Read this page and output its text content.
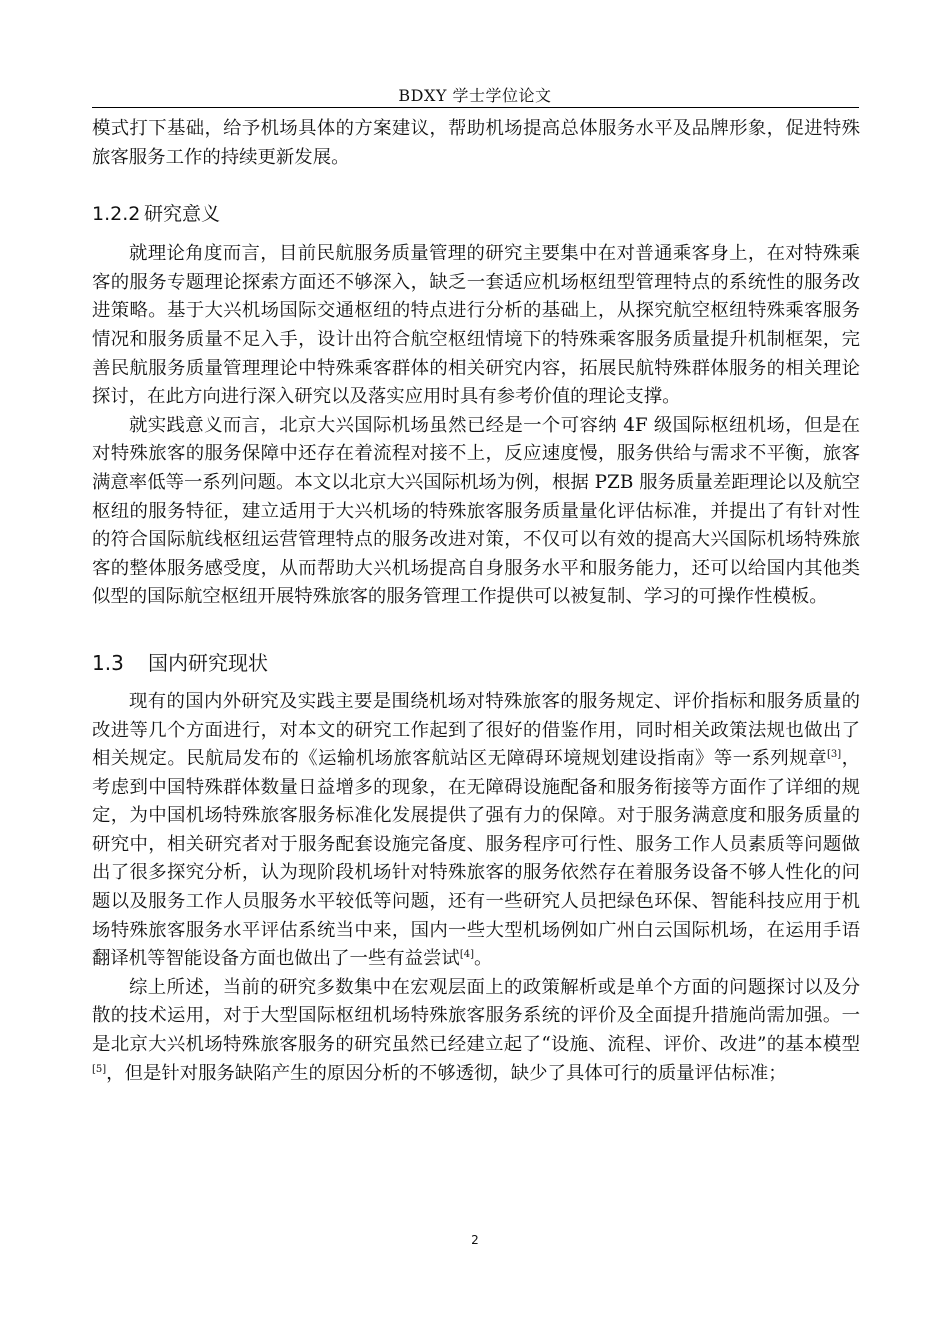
BDXY 学士学位论文

模式打下基础，给予机场具体的方案建议，帮助机场提高总体服务水平及品牌形象，促进特殊旅客服务工作的持续更新发展。

1.2.2 研究意义

就理论角度而言，目前民航服务质量管理的研究主要集中在对普通乘客身上，在对特殊乘客的服务专题理论探索方面还不够深入，缺乏一套适应机场枢纽型管理特点的系统性的服务改进策略。基于大兴机场国际交通枢纽的特点进行分析的基础上，从探究航空枢纽特殊乘客服务情况和服务质量不足入手，设计出符合航空枢纽情境下的特殊乘客服务质量提升机制框架，完善民航服务质量管理理论中特殊乘客群体的相关研究内容，拓展民航特殊群体服务的相关理论探讨，在此方向进行深入研究以及落实应用时具有参考价值的理论支撑。

就实践意义而言，北京大兴国际机场虽然已经是一个可容纳 4F 级国际枢纽机场，但是在对特殊旅客的服务保障中还存在着流程对接不上，反应速度慢，服务供给与需求不平衡，旅客满意率低等一系列问题。本文以北京大兴国际机场为例，根据 PZB 服务质量差距理论以及航空枢纽的服务特征，建立适用于大兴机场的特殊旅客服务质量量化评估标准，并提出了有针对性的符合国际航线枢纽运营管理特点的服务改进对策，不仅可以有效的提高大兴国际机场特殊旅客的整体服务感受度，从而帮助大兴机场提高自身服务水平和服务能力，还可以给国内其他类似型的国际航空枢纽开展特殊旅客的服务管理工作提供可以被复制、学习的可操作性模板。

1.3 国内研究现状

现有的国内外研究及实践主要是围绕机场对特殊旅客的服务规定、评价指标和服务质量的改进等几个方面进行，对本文的研究工作起到了很好的借鉴作用，同时相关政策法规也做出了相关规定。民航局发布的《运输机场旅客航站区无障碍环境规划建设指南》等一系列规章[3]，考虑到中国特殊群体数量日益增多的现象，在无障碍设施配备和服务衔接等方面作了详细的规定，为中国机场特殊旅客服务标准化发展提供了强有力的保障。对于服务满意度和服务质量的研究中，相关研究者对于服务配套设施完备度、服务程序可行性、服务工作人员素质等问题做出了很多探究分析，认为现阶段机场针对特殊旅客的服务依然存在着服务设备不够人性化的问题以及服务工作人员服务水平较低等问题，还有一些研究人员把绿色环保、智能科技应用于机场特殊旅客服务水平评估系统当中来，国内一些大型机场例如广州白云国际机场，在运用手语翻译机等智能设备方面也做出了一些有益尝试[4]。

综上所述，当前的研究多数集中在宏观层面上的政策解析或是单个方面的问题探讨以及分散的技术运用，对于大型国际枢纽机场特殊旅客服务系统的评价及全面提升措施尚需加强。一是北京大兴机场特殊旅客服务的研究虽然已经建立起了“设施、流程、评价、改进”的基本模型[5]，但是针对服务缺陷产生的原因分析的不够透彻，缺少了具体可行的质量评估标准；

2
